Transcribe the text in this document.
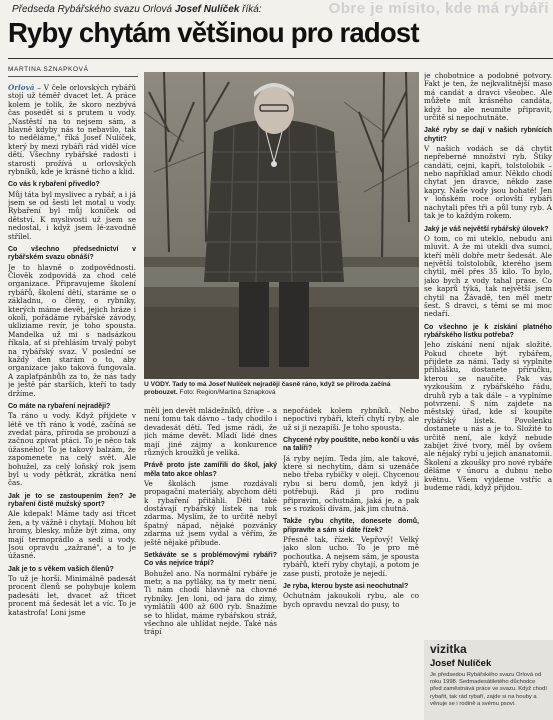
Obre je mísito, kde má rybáři
Předseda Rybářského svazu Orlová Josef Nulíček říká:
Ryby chytám většinou pro radost
MARTINA SZNAPKOVÁ

Orlová – V čele orlovských rybářů stojí už téměř dvacet let. A práce kolem je tolik, že skoro nezbývá čas posedět si s prutem u vody. „Nastěstí na to nejsem sám, a hlavně kdyby nás to nebavilo, tak to neděláme," říká Josef Nulíček, který by mezi rybáři rád viděl více dětí. Všechny rybářské radosti i starosti prožívá u orlovských rybníků, kde je krásné ticho a klid.

Co vás k rybaření přivedlo?

Můj táta byl myslivec a rybář, a i já jsem se od šesti let motal u vody. Rybaření byl můj koníček od dětství. K myslivosti už jsem se nedostal, i když jsem lé-zavodně střílel.

Co všechno předsednictví v rybářském svazu obnáší?

Je to hlavně o zodpovědnosti. Člověk zodpovídá za chod celé organizace. Připravujeme školení rybářů, školení dětí, staráme se o základnu, o členy, o rybníky, kterých máme devět, jejich hráze i okolí, pořádáme rybářské závody, ukliziame revír, je toho spousta. Mandelka už mi s nadsázkou říkala, ať si přehlásím trvalý pobyt na rybářský svaz. V poslední se každý den starám o to, aby organizace jako taková fungovala. A zaplaťpánbůh za to, že nás tady je ještě pár starších, kteří to tady držíme.

Co máte na rybaření nejraději?

Ta ráno u vody. Když přijdete v létě ve tři ráno k vodě, začíná se zvedat pára, příroda se probouzí a začnou zpívat ptáci. To je něco tak úžasného! To je takový balzám, že zapomenete na celý svět. Ale bohužel, za celý loňský rok jsem byl u vody pětkrát, zkrátka není čas.

Jak je to se zastoupením žen? Je rybaření čistě mužský sport?

Ale kdepak! Máme tady asi třicet žen, a ty vážně i chytají. Mohou bít hromy, blesky, může být zima, ony mají termoprádlo a sedí u vody. Jsou opravdu „zažrané", a to je úžasné.

Jak je to s věkem vašich členů?

To už je horší. Minimálně padesát procent členů se pohybuje kolem padesáti let, dvacet až třicet procent má šedesát let a víc. To je katastrofa! Loni jsme

U VODY. Tady to má Josef Nulíček nejraději časně ráno, když se příroda začíná probouzet. Foto: Region/Martina Sznapková

měli jen devět mládežníků, dříve – a není tomu tak dávno – tady chodilo i devadesát dětí. Ted jsme rádi, že jich máme devět. Mladí lidé dnes mají jiné zájmy a konkurence různých kroužků je veliká.

Právě proto jste zamířili do škol, jaký měla tato akce ohlas?

Ve školách jsme rozdávali propagační materiály, abychom děti k rybaření přitáhli. Děti také dostávají rybářský lístek na rok zdarma. Myslím, že to určitě nebyl špatný nápad, nějaké pozvánky zdarma už jsem vydal a věřím, že ještě nějaké přibude.

Setkáváte se s problémovými rybáři? Co vás nejvíce trápí?

Bohužel ano. Na normální rybáře je metr, a na pytláky, na ty metr není. Ti nám chodí hlavně na chovné rybníky. Jen loni, od jara do zimy, vymlátili 400 až 600 ryb. Snažíme se to hlídat, máme rybářskou stráž, všechno ale uhlídat nejde. Také nás trápí

nepořádek kolem rybníků. Nebo nepoctiví rybáři, kteří chytí ryby, ale už si ji nezapíší. Je toho spousta.

Chycené ryby pouštíte, nebo končí u vás na talíři?

Já ryby nejím. Teda jím, ale takové, které si nechytím, dám si uzenáče nebo třeba rybičky v oleji. Chycenou rybu si beru domů, jen když ji potřebuji. Rád ji pro rodinu připravím, ochutnám, jaká je, a pak se s rozkoší dívám, jak jim chutná.

Takže rybu chytíte, donesete domů, připravíte a sám si dáte řízek?

Přesně tak, řízek. Vepřový! Velký jako slon ucho. To je pro mě pochoutka. A nejsem sám, je spousta rybářů, kteří ryby chytají, a potom je zase pustí, protože je nejedí.

Je ryba, kterou byste asi neochutnal?

Ochutnám jakoukoli rybu, ale co bych opravdu nevzal do pusy, to

je chobotnice a podobné potvory. Fakt je ten, že nejkvalitnější maso má candát a dravci všeobec. Ale můžete mít krásného candáta, když ho ale neumíte připravit, určitě si nepochutnáte.

Jaké ryby se dají v našich rybnících chytit?

V našich vodách se dá chytit nepřeberné množství ryb. Štiky candáti, cejni, kapři, tolstolobik – nebo například amur. Někdo chodí chytat jen dravce, někdo zase kapry. Naše vody jsou bohaté! Jen v loňském roce orlovští rybáři nachytali přes tři a půl tuny ryb. A tak je to každým rokem.

Jaký je váš největší rybářský úlovek?

O tom, co mi uteklo, nebudu ani mluvit. A že mi utekli dva sumci, kteří měli dobře metr šedesát. Ale největší tolstolobík, kterého jsem chytil, měl přes 35 kilo. To bylo, jako bych z vody tahal prase. Co se kaprů týká, tak největší jsem chytil na Žávadě, ten měl metr šest. S dravci, s těmi se mi moc nedaří.

Co všechno je k získání platného rybářského lístku potřeba?

Jeho získání není nijak složité. Pokud chcete být rybářem, přijdete za námi. Tady si vyplníte přihlášku, dostanete příručku, kterou se naučíte. Pak vás vyzkouším z rybářského řádu, druhů ryb a tak dále – a vyplníme potvrzení. S ním zajdete na městský úřad, kde si koupíte rybářský lístek. Povolenku dostanete u nás a je to. Složité to určitě není, ale když nebude zabíjet živé tvory, měl by ovšem ale nějaký rybí u jejich ananatomii. Školení a zkoušky pro nové rybáře děláme v únoru a dubnu nebo květnu. Všem vyjdeme vstříc a budeme rádi, když přijdou.

vizitka
Josef Nulíček
Je předsedou Rybářského svazu Orlová od roku 1998. Sedmadesátiletého důchodce před zaměstnává práce ve svazu. Když chodí rybařit, tak rád rybaří, zajde si na houby a věnuje se i rodině a svému psovi.
